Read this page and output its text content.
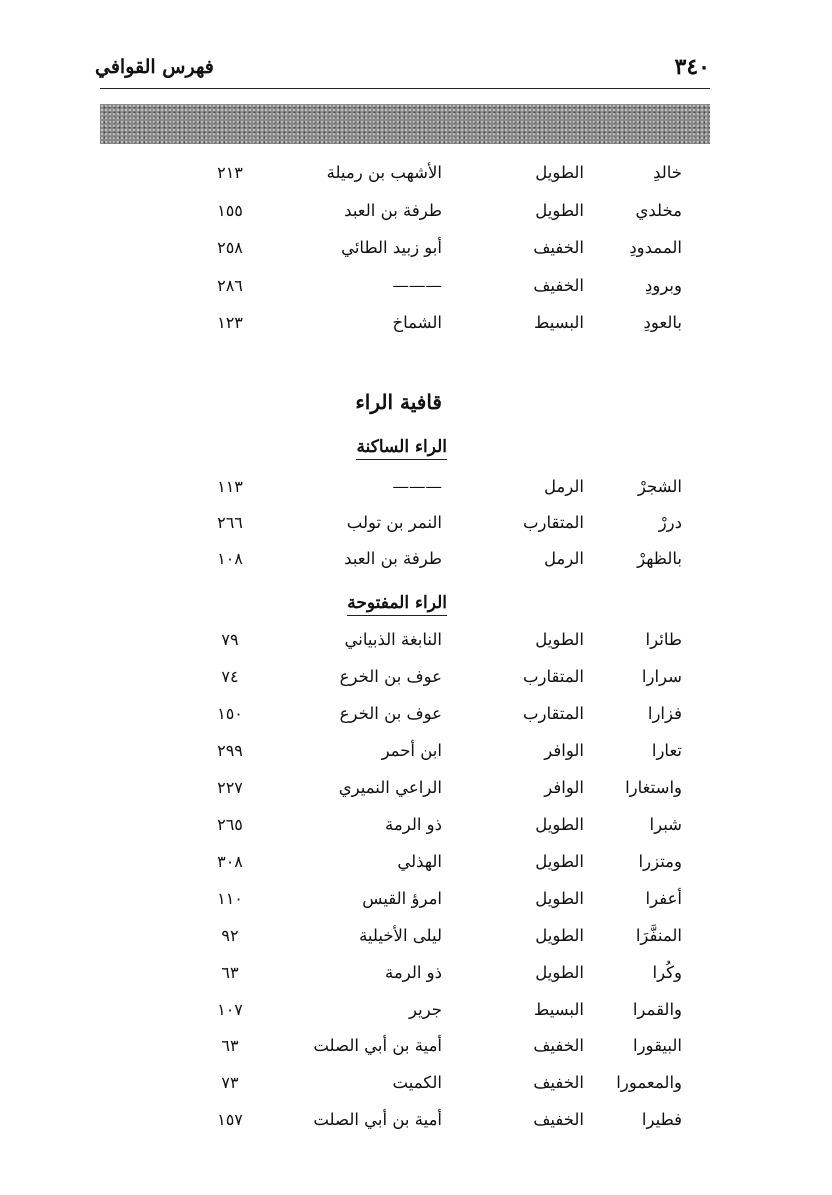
فهرس القوافي	٣٤٠
قافية الراء
الراء الساكنة
الراء المفتوحة
خالدِ
الطويل
الأشهب بن رميلة
٢١٣
مخلدي
الطويل
طرفة بن العبد
١٥٥
الممدودِ
الخفيف
أبو زبيد الطائي
٢٥٨
وبرودِ
الخفيف
———
٢٨٦
بالعودِ
البسيط
الشماخ
١٢٣
الشجرْ
الرمل
———
١١٣
دررْ
المتقارب
النمر بن تولب
٢٦٦
بالظهرْ
الرمل
طرفة بن العبد
١٠٨
طائرا
الطويل
النابغة الذبياني
٧٩
سرارا
المتقارب
عوف بن الخرع
٧٤
فزارا
المتقارب
عوف بن الخرع
١٥٠
تعارا
الوافر
ابن أحمر
٢٩٩
واستغارا
الوافر
الراعي النميري
٢٢٧
شبرا
الطويل
ذو الرمة
٢٦٥
ومتزرا
الطويل
الهذلي
٣٠٨
أعفرا
الطويل
امرؤ القيس
١١٠
المنفَّرَا
الطويل
ليلى الأخيلية
٩٢
وكُرا
الطويل
ذو الرمة
٦٣
والقمرا
البسيط
جرير
١٠٧
البيقورا
الخفيف
أمية بن أبي الصلت
٦٣
والمعمورا
الخفيف
الكميت
٧٣
فطيرا
الخفيف
أمية بن أبي الصلت
١٥٧
